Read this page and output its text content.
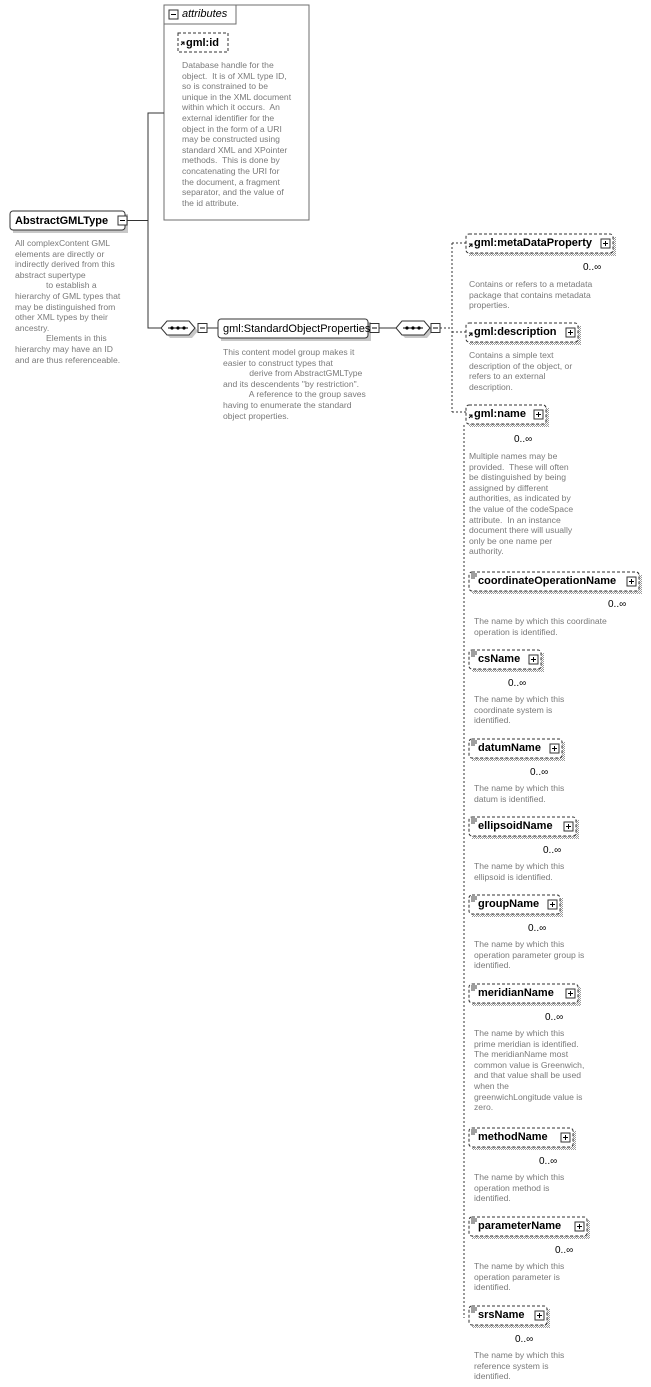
attributes
gml:id
Database handle for the
object.  It is of XML type ID,
so is constrained to be
unique in the XML document
within which it occurs.  An
external identifier for the
object in the form of a URI
may be constructed using
standard XML and XPointer
methods.  This is done by
concatenating the URI for
the document, a fragment
separator, and the value of
the id attribute.
AbstractGMLType
All complexContent GML
elements are directly or
indirectly derived from this
abstract supertype
to establish a
hierarchy of GML types that
may be distinguished from
other XML types by their
ancestry.
Elements in this
hierarchy may have an ID
and are thus referenceable.
gml:StandardObjectProperties
This content model group makes it
easier to construct types that
derive from AbstractGMLType
and its descendents "by restriction".
A reference to the group saves
having to enumerate the standard
object properties.
gml:metaDataProperty
0..∞
Contains or refers to a metadata
package that contains metadata
properties.
gml:description
Contains a simple text
description of the object, or
refers to an external
description.
gml:name
0..∞
Multiple names may be
provided.  These will often
be distinguished by being
assigned by different
authorities, as indicated by
the value of the codeSpace
attribute.  In an instance
document there will usually
only be one name per
authority.
coordinateOperationName
0..∞
The name by which this coordinate
operation is identified.
csName
0..∞
The name by which this
coordinate system is
identified.
datumName
0..∞
The name by which this
datum is identified.
ellipsoidName
0..∞
The name by which this
ellipsoid is identified.
groupName
0..∞
The name by which this
operation parameter group is
identified.
meridianName
0..∞
The name by which this
prime meridian is identified.
The meridianName most
common value is Greenwich,
and that value shall be used
when the
greenwichLongitude value is
zero.
methodName
0..∞
The name by which this
operation method is
identified.
parameterName
0..∞
The name by which this
operation parameter is
identified.
srsName
0..∞
The name by which this
reference system is
identified.
